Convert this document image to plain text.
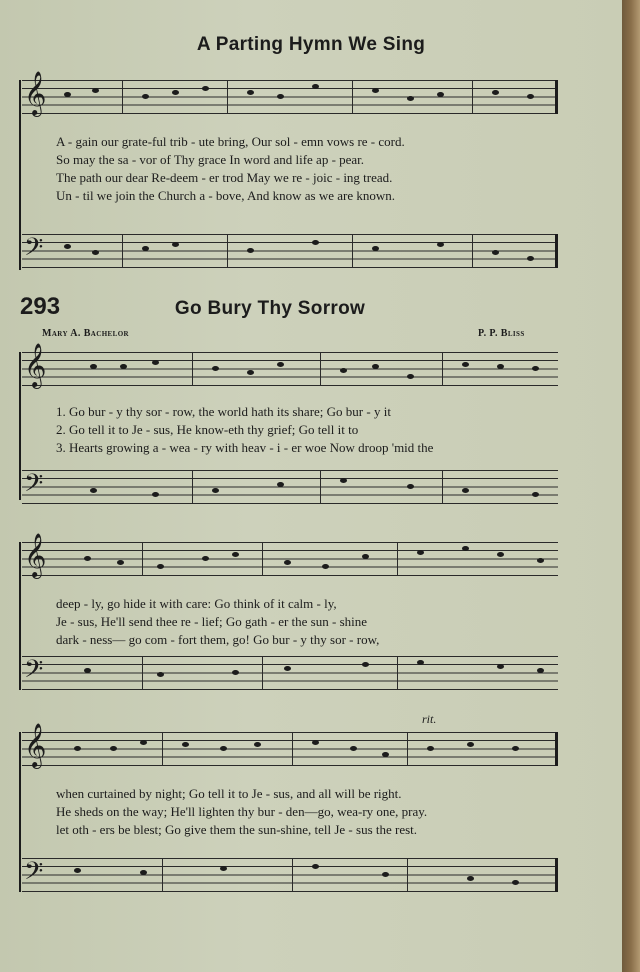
A Parting Hymn We Sing
𝄞
A - gain our grate-ful trib - ute bring, Our sol - emn vows re - cord.
So may the sa - vor of Thy grace In word and life ap - pear.
The path our dear Re-deem - er trod May we re - joic - ing tread.
Un - til we join the Church a - bove, And know as we are known.
𝄢
293	Go Bury Thy Sorrow
Mary A. Bachelor	P. P. Bliss
𝄞
1. Go bur - y thy sor - row, the world hath its share; Go bur - y it
2. Go tell it to Je - sus, He know-eth thy grief; Go tell it to
3. Hearts growing a - wea - ry with heav - i - er woe Now droop 'mid the
𝄢
𝄞
deep - ly, go hide it with care: Go think of it calm - ly,
Je - sus, He'll send thee re - lief; Go gath - er the sun - shine
dark - ness— go com - fort them, go! Go bur - y thy sor - row,
𝄢
rit.
𝄞
when curtained by night; Go tell it to Je - sus, and all will be right.
He sheds on the way; He'll lighten thy bur - den—go, wea-ry one, pray.
let oth - ers be blest; Go give them the sun-shine, tell Je - sus the rest.
𝄢
